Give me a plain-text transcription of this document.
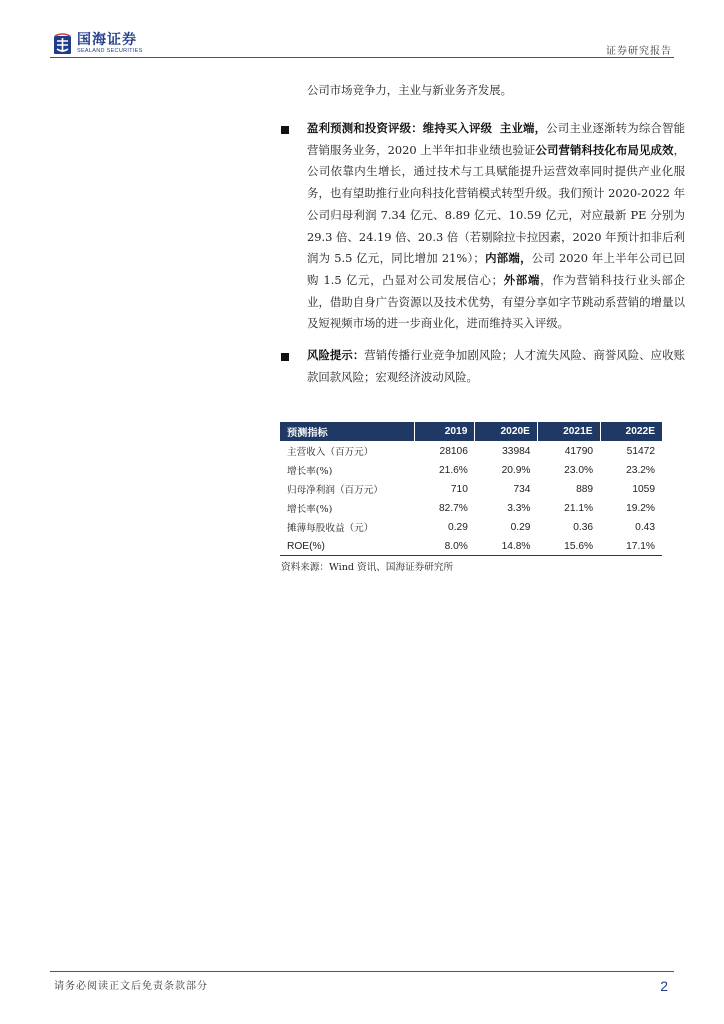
国海证券
SEALAND SECURITIES	证券研究报告
公司市场竞争力，主业与新业务齐发展。
盈利预测和投资评级：维持买入评级 主业端，公司主业逐渐转为综合智能营销服务业务，2020 上半年扣非业绩也验证公司营销科技化布局见成效，公司依靠内生增长，通过技术与工具赋能提升运营效率同时提供产业化服务，也有望助推行业向科技化营销模式转型升级。我们预计 2020-2022 年公司归母利润 7.34 亿元、8.89 亿元、10.59 亿元，对应最新 PE 分别为 29.3 倍、24.19 倍、20.3 倍（若剔除拉卡拉因素，2020 年预计扣非后利润为 5.5 亿元，同比增加 21%）；内部端，公司 2020 年上半年公司已回购 1.5 亿元，凸显对公司发展信心；外部端，作为营销科技行业头部企业，借助自身广告资源以及技术优势，有望分享如字节跳动系营销的增量以及短视频市场的进一步商业化，进而维持买入评级。
风险提示：营销传播行业竞争加剧风险；人才流失风险、商誉风险、应收账款回款风险；宏观经济波动风险。
预测指标	2019	2020E	2021E	2022E
主营收入（百万元）	28106	33984	41790	51472
增长率(%)	21.6%	20.9%	23.0%	23.2%
归母净利润（百万元）	710	734	889	1059
增长率(%)	82.7%	3.3%	21.1%	19.2%
摊薄每股收益（元）	0.29	0.29	0.36	0.43
ROE(%)	8.0%	14.8%	15.6%	17.1%
资料来源：Wind 资讯、国海证券研究所
请务必阅读正文后免责条款部分	2
